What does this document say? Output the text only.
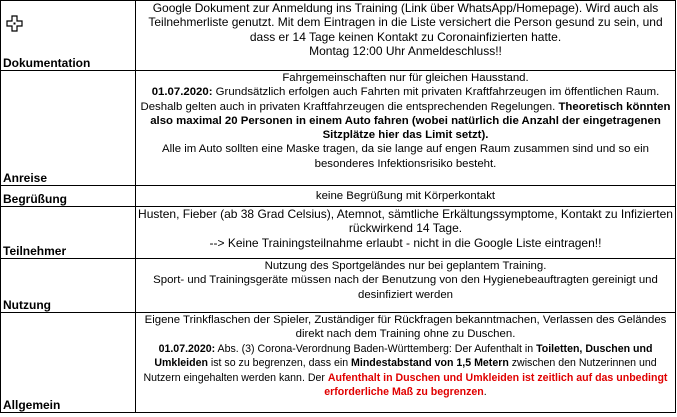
Dokumentation	Google Dokument zur Anmeldung ins Training (Link über WhatsApp/Homepage). Wird auch als Teilnehmerliste genutzt. Mit dem Eintragen in die Liste versichert die Person gesund zu sein, und dass er 14 Tage keinen Kontakt zu Coronainfizierten hatte.
Montag 12:00 Uhr Anmeldeschluss!!

Anreise	Fahrgemeinschaften nur für gleichen Hausstand.
01.07.2020: Grundsätzlich erfolgen auch Fahrten mit privaten Kraftfahrzeugen im öffentlichen Raum. Deshalb gelten auch in privaten Kraftfahrzeugen die entsprechenden Regelungen. Theoretisch könnten also maximal 20 Personen in einem Auto fahren (wobei natürlich die Anzahl der eingetragenen Sitzplätze hier das Limit setzt).
Alle im Auto sollten eine Maske tragen, da sie lange auf engen Raum zusammen sind und so ein besonderes Infektionsrisiko besteht.

Begrüßung	keine Begrüßung mit Körperkontakt
Teilnehmer	Husten, Fieber (ab 38 Grad Celsius), Atemnot, sämtliche Erkältungssymptome, Kontakt zu Infizierten rückwirkend 14 Tage.
--> Keine Trainingsteilnahme erlaubt - nicht in die Google Liste eintragen!!

Nutzung	Nutzung des Sportgeländes nur bei geplantem Training.
Sport- und Trainingsgeräte müssen nach der Benutzung von den Hygienebeauftragten gereinigt und desinfiziert werden

Allgemein	Eigene Trinkflaschen der Spieler, Zuständiger für Rückfragen bekanntmachen, Verlassen des Geländes direkt nach dem Training ohne zu Duschen.
01.07.2020: Abs. (3) Corona-Verordnung Baden-Württemberg: Der Aufenthalt in Toiletten, Duschen und Umkleiden ist so zu begrenzen, dass ein Mindestabstand von 1,5 Metern zwischen den Nutzerinnen und Nutzern eingehalten werden kann. Der Aufenthalt in Duschen und Umkleiden ist zeitlich auf das unbedingt erforderliche Maß zu begrenzen.
